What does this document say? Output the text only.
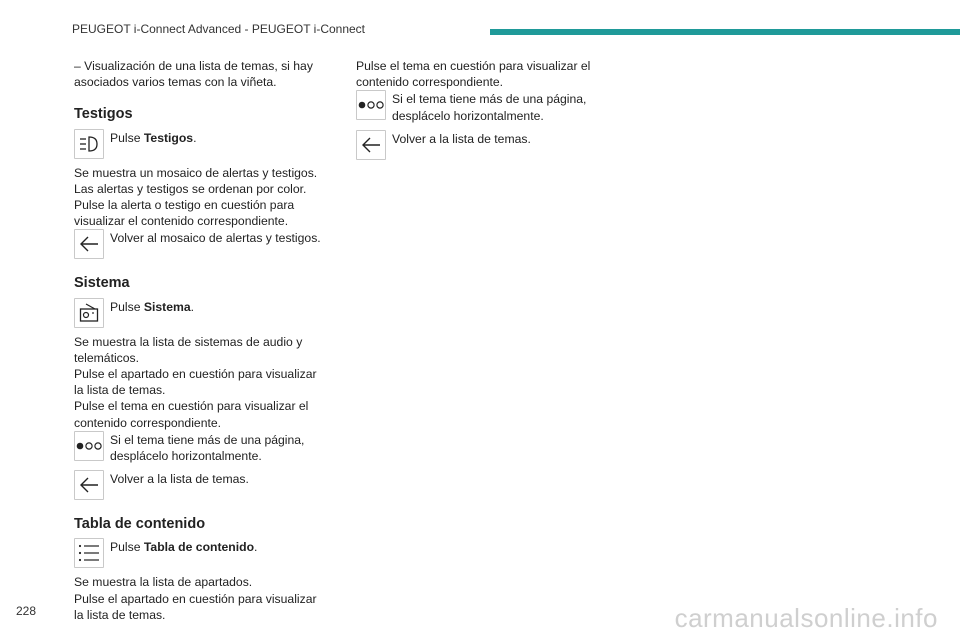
PEUGEOT i-Connect Advanced - PEUGEOT i-Connect

– Visualización de una lista de temas, si hay asociados varios temas con la viñeta.

Testigos
Pulse Testigos.

Se muestra un mosaico de alertas y testigos.

Las alertas y testigos se ordenan por color.

Pulse la alerta o testigo en cuestión para visualizar el contenido correspondiente.

Volver al mosaico de alertas y testigos.
Sistema
Pulse Sistema.

Se muestra la lista de sistemas de audio y telemáticos.

Pulse el apartado en cuestión para visualizar la lista de temas.

Pulse el tema en cuestión para visualizar el contenido correspondiente.

Si el tema tiene más de una página, desplácelo horizontalmente.
Volver a la lista de temas.
Tabla de contenido
Pulse Tabla de contenido.

Se muestra la lista de apartados.

Pulse el apartado en cuestión para visualizar la lista de temas.

Pulse el tema en cuestión para visualizar el contenido correspondiente.

Si el tema tiene más de una página, desplácelo horizontalmente.
Volver a la lista de temas.
228	carmanualsonline.info
